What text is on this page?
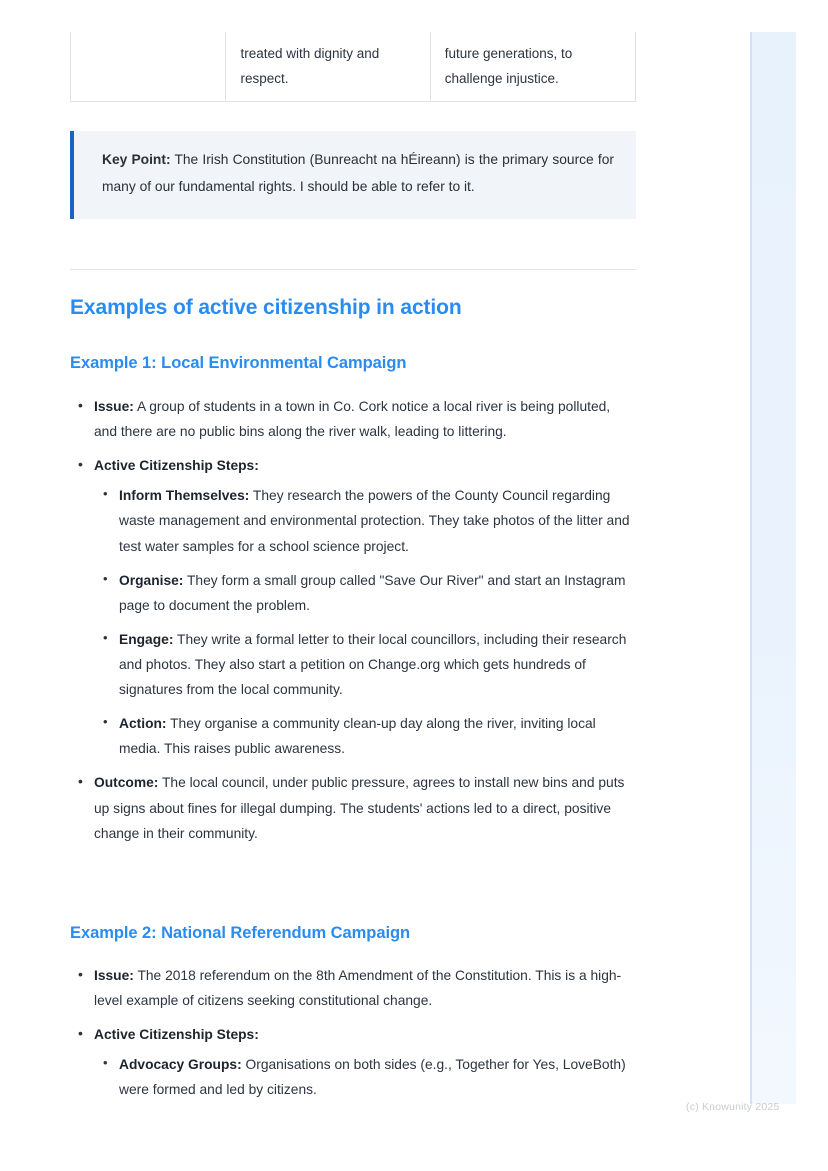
treated with dignity and respect.
future generations, to challenge injustice.

Key Point: The Irish Constitution (Bunreacht na hÉireann) is the primary source for many of our fundamental rights. I should be able to refer to it.

Examples of active citizenship in action
Example 1: Local Environmental Campaign
• Issue: A group of students in a town in Co. Cork notice a local river is being polluted, and there are no public bins along the river walk, leading to littering.
• Active Citizenship Steps:
• Inform Themselves: They research the powers of the County Council regarding waste management and environmental protection. They take photos of the litter and test water samples for a school science project.
• Organise: They form a small group called "Save Our River" and start an Instagram page to document the problem.
• Engage: They write a formal letter to their local councillors, including their research and photos. They also start a petition on Change.org which gets hundreds of signatures from the local community.
• Action: They organise a community clean-up day along the river, inviting local media. This raises public awareness.
• Outcome: The local council, under public pressure, agrees to install new bins and puts up signs about fines for illegal dumping. The students' actions led to a direct, positive change in their community.
Example 2: National Referendum Campaign
• Issue: The 2018 referendum on the 8th Amendment of the Constitution. This is a high-level example of citizens seeking constitutional change.
• Active Citizenship Steps:
• Advocacy Groups: Organisations on both sides (e.g., Together for Yes, LoveBoth) were formed and led by citizens.
(c) Knowunity 2025
